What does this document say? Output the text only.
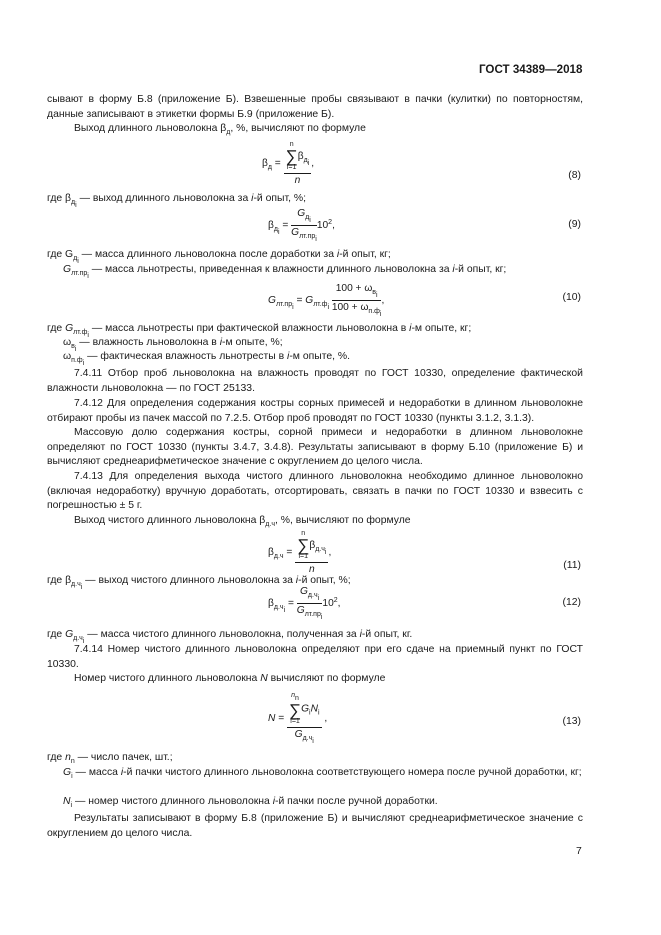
ГОСТ 34389—2018
сывают в форму Б.8 (приложение Б). Взвешенные пробы связывают в пачки (кулитки) по повторностям, данные записывают в этикетки формы Б.9 (приложение Б).
Выход длинного льноволокна $\beta_д$, %, вычисляют по формуле
$\beta_д = n$
∑
i=1
$\beta_{д_i}$
n ,
(8)
где $\beta_{д_i}$ — выход длинного льноволокна за i-й опыт, %;
$\beta_{д_i} = \frac{G_{д_i}}{G_{лт.пр_i}} 10^2$,	(9)
где $G_{д_i}$ — масса длинного льноволокна после доработки за i-й опыт, кг;
$G_{лт.пр_i}$ — масса льнотресты, приведенная к влажности длинного льноволокна за i-й опыт, кг;
$G_{лт.пр_i} = G_{лт.ф_i} \frac{100 + \omega_{в_i}}{100 + \omega_{п.ф_i}}$ ,	(10)
где $G_{лт.ф_i}$ — масса льнотресты при фактической влажности льноволокна в i-м опыте, кг;
$\omega_{в_i}$ — влажность льноволокна в i-м опыте, %;
$\omega_{п.ф_i}$ — фактическая влажность льнотресты в i-м опыте, %.
7.4.11 Отбор проб льноволокна на влажность проводят по ГОСТ 10330, определение фактической влажности льноволокна — по ГОСТ 25133.
7.4.12 Для определения содержания костры сорных примесей и недоработки в длинном льноволокне отбирают пробы из пачек массой по 7.2.5. Отбор проб проводят по ГОСТ 10330 (пункты 3.1.2, 3.1.3).
Массовую долю содержания костры, сорной примеси и недоработки в длинном льноволокне определяют по ГОСТ 10330 (пункты 3.4.7, 3.4.8). Результаты записывают в форму Б.10 (приложение Б) и вычисляют среднеарифметическое значение с округлением до целого числа.
7.4.13 Для определения выхода чистого длинного льноволокна необходимо длинное льноволокно (включая недоработку) вручную доработать, отсортировать, связать в пачки по ГОСТ 10330 и взвесить с погрешностью ± 5 г.
Выход чистого длинного льноволокна $\beta_{д.ч}$, %, вычисляют по формуле
$\beta_{д.ч} = n$
∑
i=1
$\beta_{д.ч_i}$
n ,
(11)
где $\beta_{д.ч_i}$ — выход чистого длинного льноволокна за i-й опыт, %;
$\beta_{д.ч_i} = \frac{G_{д.ч_i}}{G_{лт.пр_i}} 10^2$,	(12)
где $G_{д.ч_i}$ — масса чистого длинного льноволокна, полученная за i-й опыт, кг.
7.4.14 Номер чистого длинного льноволокна определяют при его сдаче на приемный пункт по ГОСТ 10330.
Номер чистого длинного льноволокна N вычисляют по формуле
$N = n_n$
∑
i=1
$G_iN_i$
$G_{д.ч_i}$ ,	(13)
где $n_n$ — число пачек, шт.;
$G_i$ — масса i-й пачки чистого длинного льноволокна соответствующего номера после ручной доработки, кг;
$N_i$ — номер чистого длинного льноволокна i-й пачки после ручной доработки.
Результаты записывают в форму Б.8 (приложение Б) и вычисляют среднеарифметическое значение с округлением до целого числа.
7
